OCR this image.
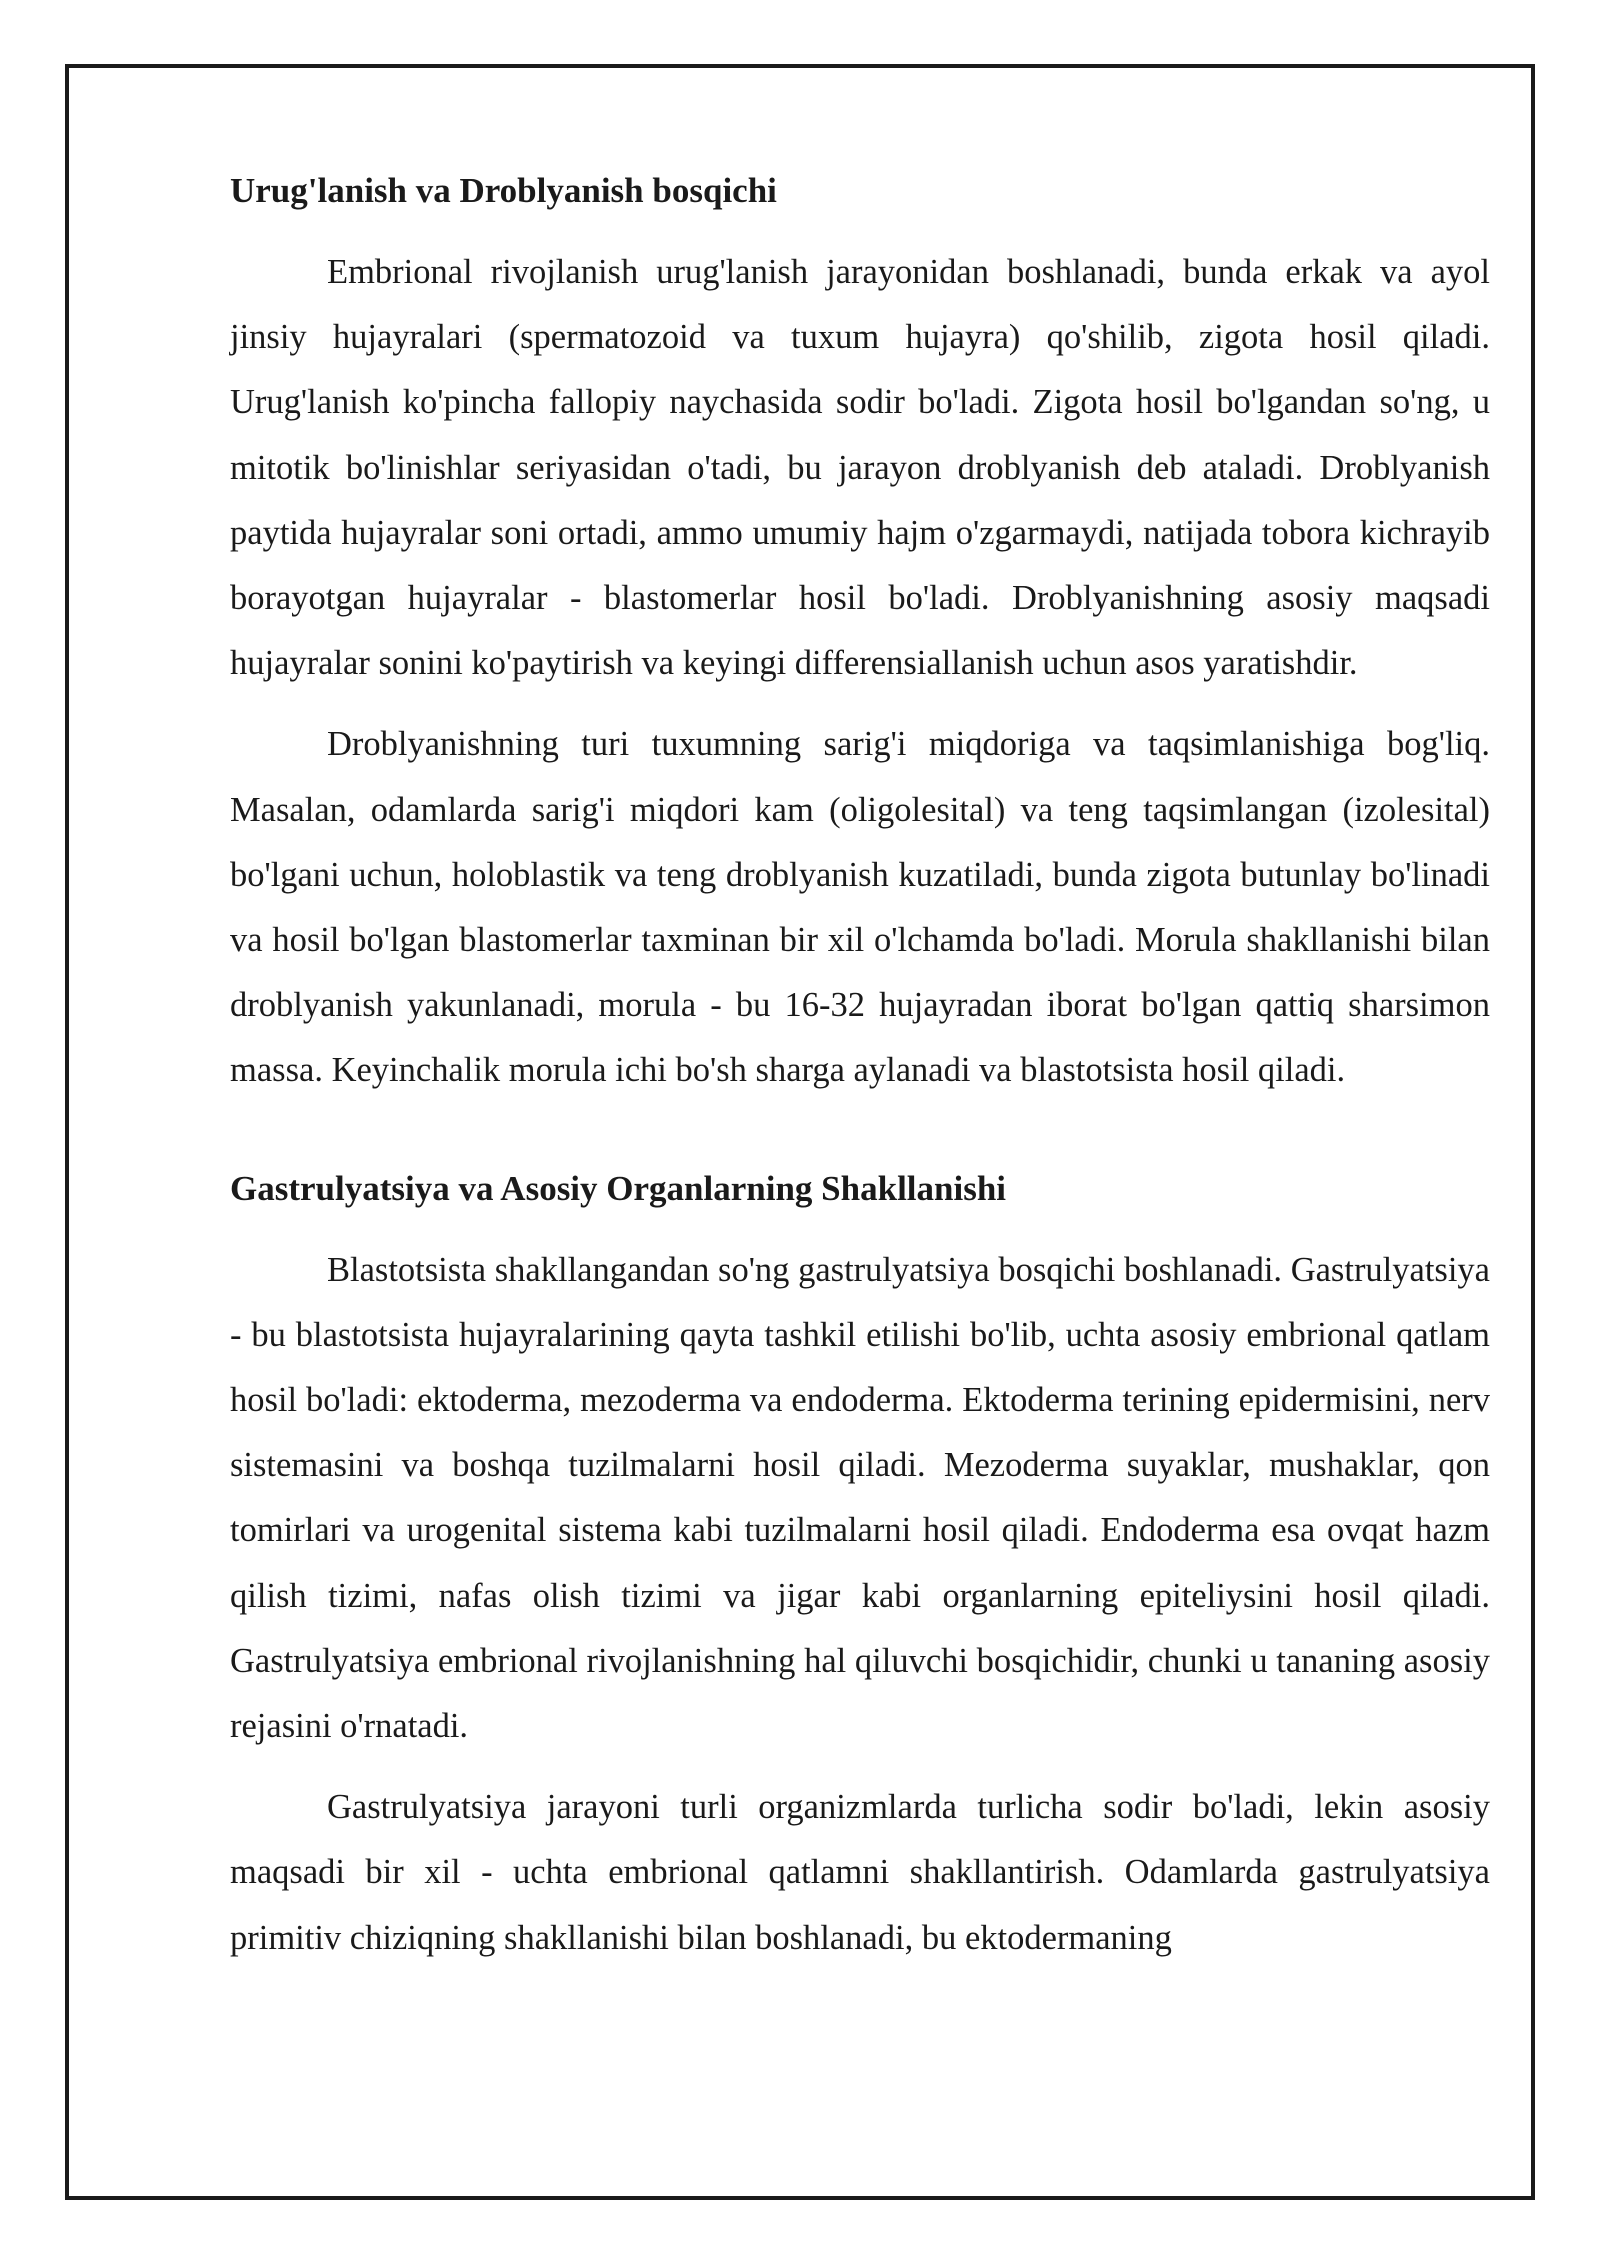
Urug'lanish va Droblyanish bosqichi

Embrional rivojlanish urug'lanish jarayonidan boshlanadi, bunda erkak va ayol jinsiy hujayralari (spermatozoid va tuxum hujayra) qo'shilib, zigota hosil qiladi. Urug'lanish ko'pincha fallopiy naychasida sodir bo'ladi. Zigota hosil bo'lgandan so'ng, u mitotik bo'linishlar seriyasidan o'tadi, bu jarayon droblyanish deb ataladi. Droblyanish paytida hujayralar soni ortadi, ammo umumiy hajm o'zgarmaydi, natijada tobora kichrayib borayotgan hujayralar - blastomerlar hosil bo'ladi. Droblyanishning asosiy maqsadi hujayralar sonini ko'paytirish va keyingi differensiallanish uchun asos yaratishdir.

Droblyanishning turi tuxumning sarig'i miqdoriga va taqsimlanishiga bog'liq. Masalan, odamlarda sarig'i miqdori kam (oligolesital) va teng taqsimlangan (izolesital) bo'lgani uchun, holoblastik va teng droblyanish kuzatiladi, bunda zigota butunlay bo'linadi va hosil bo'lgan blastomerlar taxminan bir xil o'lchamda bo'ladi. Morula shakllanishi bilan droblyanish yakunlanadi, morula - bu 16-32 hujayradan iborat bo'lgan qattiq sharsimon massa. Keyinchalik morula ichi bo'sh sharga aylanadi va blastotsista hosil qiladi.

Gastrulyatsiya va Asosiy Organlarning Shakllanishi

Blastotsista shakllangandan so'ng gastrulyatsiya bosqichi boshlanadi. Gastrulyatsiya - bu blastotsista hujayralarining qayta tashkil etilishi bo'lib, uchta asosiy embrional qatlam hosil bo'ladi: ektoderma, mezoderma va endoderma. Ektoderma terining epidermisini, nerv sistemasini va boshqa tuzilmalarni hosil qiladi. Mezoderma suyaklar, mushaklar, qon tomirlari va urogenital sistema kabi tuzilmalarni hosil qiladi. Endoderma esa ovqat hazm qilish tizimi, nafas olish tizimi va jigar kabi organlarning epiteliysini hosil qiladi. Gastrulyatsiya embrional rivojlanishning hal qiluvchi bosqichidir, chunki u tananing asosiy rejasini o'rnatadi.

Gastrulyatsiya jarayoni turli organizmlarda turlicha sodir bo'ladi, lekin asosiy maqsadi bir xil - uchta embrional qatlamni shakllantirish. Odamlarda gastrulyatsiya primitiv chiziqning shakllanishi bilan boshlanadi, bu ektodermaning
